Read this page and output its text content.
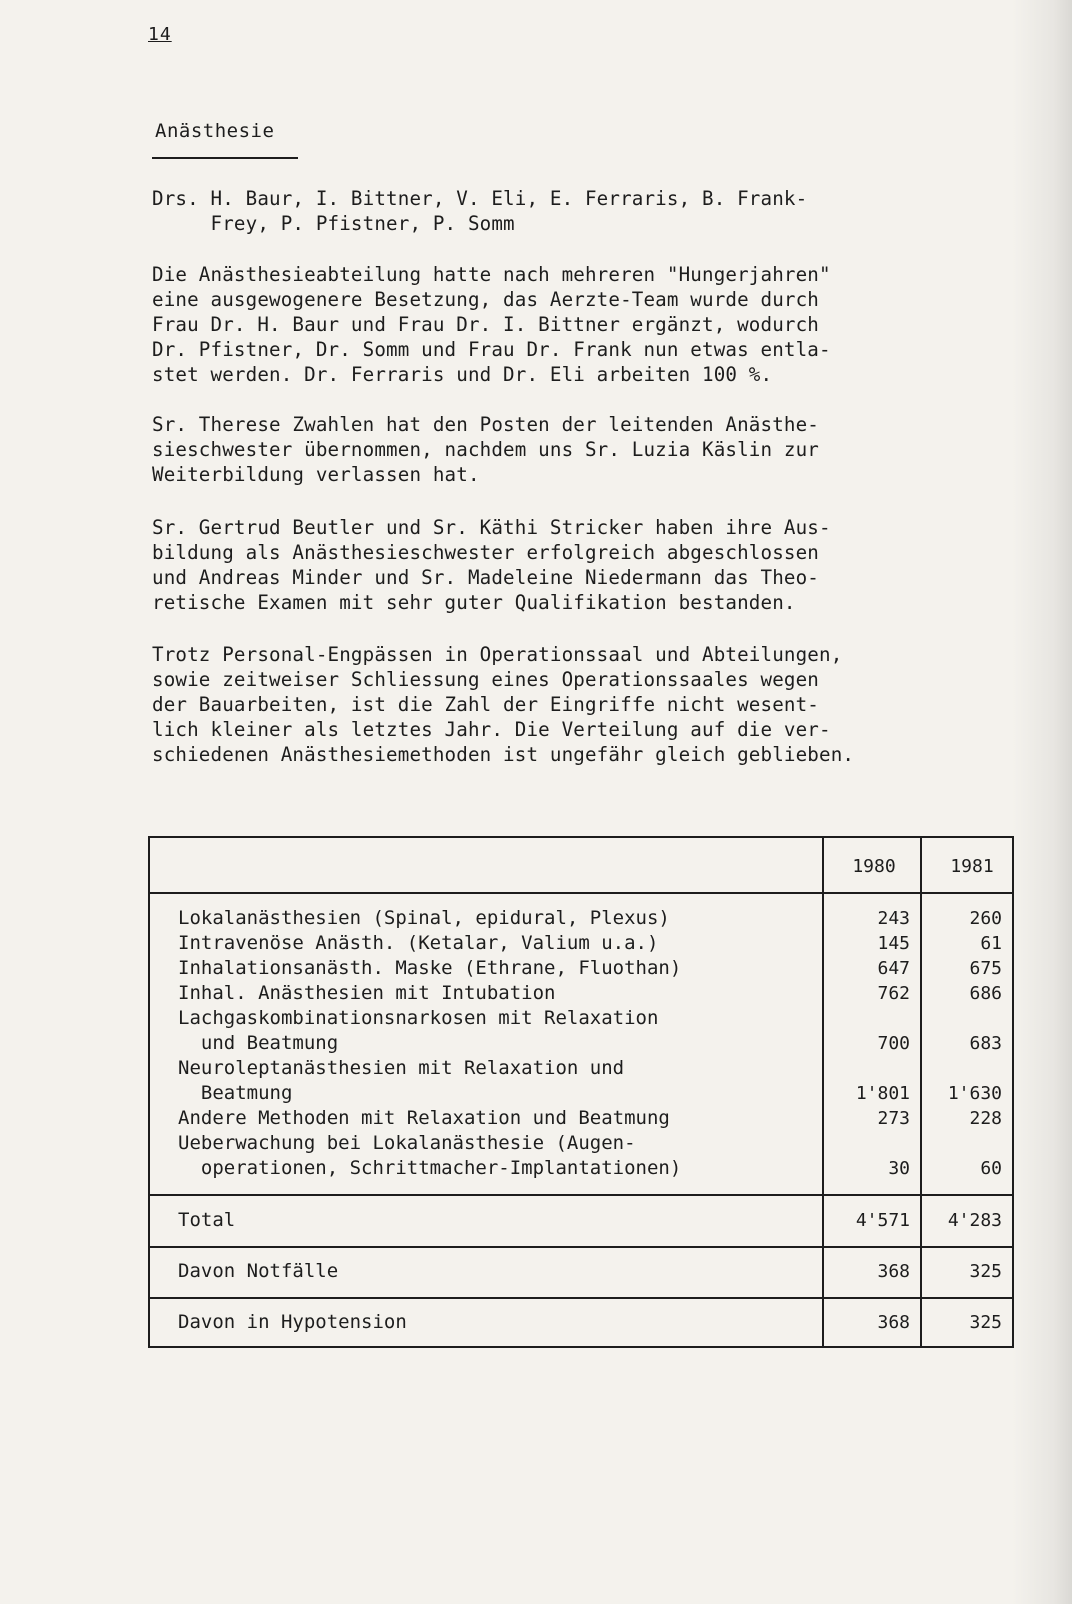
14
Anästhesie
Drs. H. Baur, I. Bittner, V. Eli, E. Ferraris, B. Frank-
Frey, P. Pfistner, P. Somm
Die Anästhesieabteilung hatte nach mehreren "Hungerjahren"
eine ausgewogenere Besetzung, das Aerzte-Team wurde durch
Frau Dr. H. Baur und Frau Dr. I. Bittner ergänzt, wodurch
Dr. Pfistner, Dr. Somm und Frau Dr. Frank nun etwas entla-
stet werden. Dr. Ferraris und Dr. Eli arbeiten 100 %.
Sr. Therese Zwahlen hat den Posten der leitenden Anästhe-
sieschwester übernommen, nachdem uns Sr. Luzia Käslin zur
Weiterbildung verlassen hat.
Sr. Gertrud Beutler und Sr. Käthi Stricker haben ihre Aus-
bildung als Anästhesieschwester erfolgreich abgeschlossen
und Andreas Minder und Sr. Madeleine Niedermann das Theo-
retische Examen mit sehr guter Qualifikation bestanden.
Trotz Personal-Engpässen in Operationssaal und Abteilungen,
sowie zeitweiser Schliessung eines Operationssaales wegen
der Bauarbeiten, ist die Zahl der Eingriffe nicht wesent-
lich kleiner als letztes Jahr. Die Verteilung auf die ver-
schiedenen Anästhesiemethoden ist ungefähr gleich geblieben.
1980	1981
Lokalanästhesien (Spinal, epidural, Plexus)	243	260
Intravenöse Anästh. (Ketalar, Valium u.a.)	145	61
Inhalationsanästh. Maske (Ethrane, Fluothan)	647	675
Inhal. Anästhesien mit Intubation	762	686
Lachgaskombinationsnarkosen mit Relaxation
und Beatmung	700	683
Neuroleptanästhesien mit Relaxation und
Beatmung	1'801	1'630
Andere Methoden mit Relaxation und Beatmung	273	228
Ueberwachung bei Lokalanästhesie (Augen-
operationen, Schrittmacher-Implantationen)	30	60
Total	4'571	4'283
Davon Notfälle	368	325
Davon in Hypotension	368	325
